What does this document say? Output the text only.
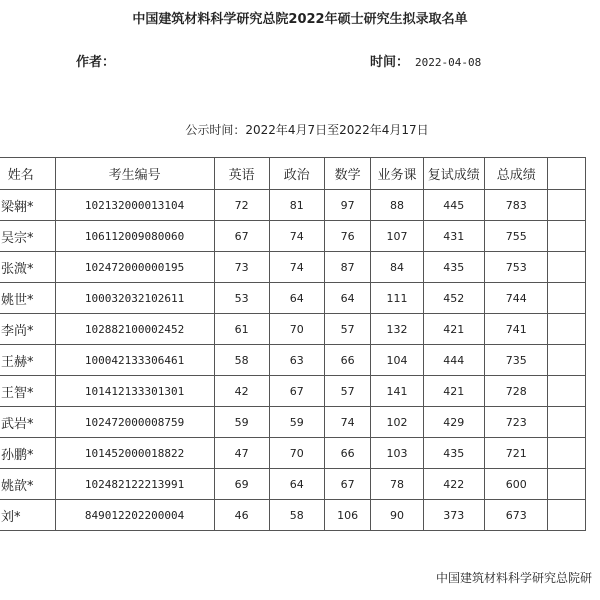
中国建筑材料科学研究总院2022年硕士研究生拟录取名单
作者：	时间： 2022-04-08
公示时间：2022年4月7日至2022年4月17日
姓名	考生编号	英语	政治	数学	业务课	复试成绩	总成绩	
梁翱*	102132000013104	72	81	97	88	445	783	
吴宗*	106112009080060	67	74	76	107	431	755	
张溦*	102472000000195	73	74	87	84	435	753	
姚世*	100032032102611	53	64	64	111	452	744	
李尚*	102882100002452	61	70	57	132	421	741	
王赫*	100042133306461	58	63	66	104	444	735	
王智*	101412133301301	42	67	57	141	421	728	
武岩*	102472000008759	59	59	74	102	429	723	
孙鹏*	101452000018822	47	70	66	103	435	721	
姚歆*	102482122213991	69	64	67	78	422	600	
刘*	849012202200004	46	58	106	90	373	673	
中国建筑材料科学研究总院研
